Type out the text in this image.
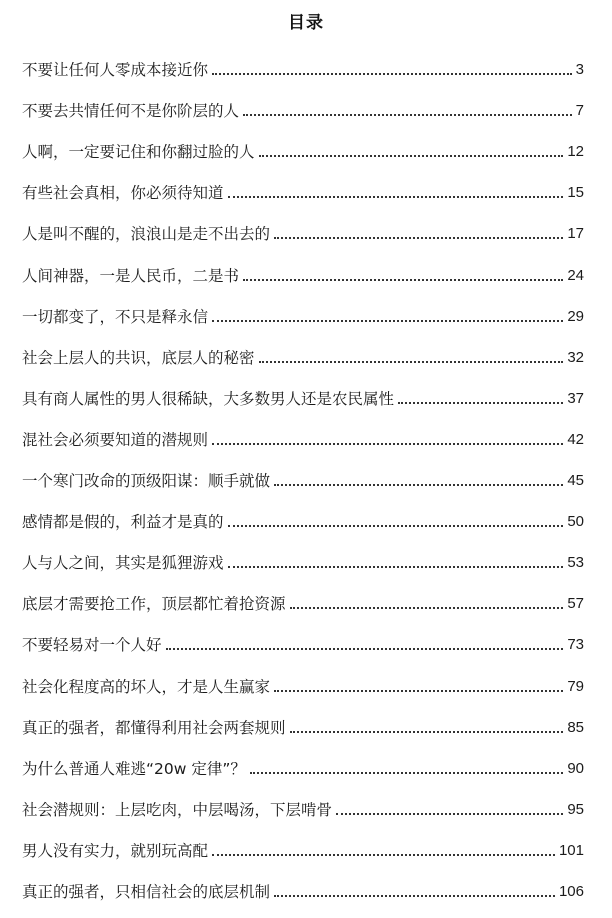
目录
不要让任何人零成本接近你	3
不要去共情任何不是你阶层的人	7
人啊，一定要记住和你翻过脸的人	12
有些社会真相，你必须待知道	15
人是叫不醒的，浪浪山是走不出去的	17
人间神器，一是人民币，二是书	24
一切都变了，不只是释永信	29
社会上层人的共识，底层人的秘密	32
具有商人属性的男人很稀缺，大多数男人还是农民属性	37
混社会必须要知道的潜规则	42
一个寒门改命的顶级阳谋：顺手就做	45
感情都是假的，利益才是真的	50
人与人之间，其实是狐狸游戏	53
底层才需要抢工作，顶层都忙着抢资源	57
不要轻易对一个人好	73
社会化程度高的坏人，才是人生赢家	79
真正的强者，都懂得利用社会两套规则	85
为什么普通人难逃“20w 定律”？	90
社会潜规则：上层吃肉，中层喝汤，下层啃骨	95
男人没有实力，就别玩高配	101
真正的强者，只相信社会的底层机制	106
